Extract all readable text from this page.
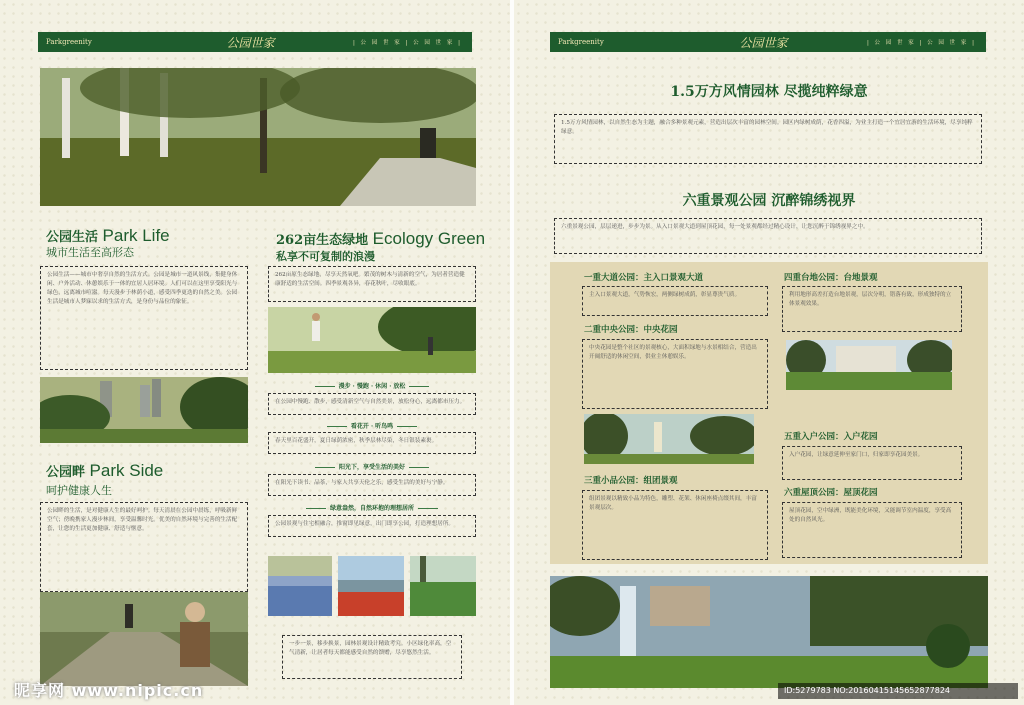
Parkgreenity	公园世家	| 公 园 世 家 | 公 园 世 家 |
公园生活 Park Life
城市生活至高形态
公园生活——城市中奢享自然的生活方式。公园是城市一道风景线，集健身休闲、户外活动、休憩娱乐于一体的宜居人居环境。人们可以在这里享受阳光与绿色，远离城市喧嚣。每天漫步于林荫小道，感受四季更迭的自然之美。公园生活是城市人梦寐以求的生活方式，是身份与品位的象征。
公园畔 Park Side
呵护健康人生
公园畔的生活，是对健康人生的最好呵护。每天清晨在公园中晨练，呼吸新鲜空气；傍晚携家人漫步林间，享受温馨时光。优美的自然环境与完善的生活配套，让您的生活更加健康、舒适与惬意。
262亩生态绿地 Ecology Green
私享不可复制的浪漫
262亩原生态绿地，尽享天然氧吧。繁茂的树木与清新的空气，为居者营造健康舒适的生活空间。四季景观各异，春花秋叶，尽收眼底。
漫步 · 慢跑 · 休闲 · 放松
在公园中慢跑、散步，感受清新空气与自然美景，放松身心，远离都市压力。
看花开 · 听鸟鸣
春天里百花盛开，夏日绿荫浓密，秋季层林尽染，冬日银装素裹。
阳光下，享受生活的美好
在阳光下读书、品茶，与家人共享天伦之乐，感受生活的美好与宁静。
绿意盎然，自然环抱的理想居所
公园景观与住宅相融合，推窗即见绿意，出门即享公园，打造理想居所。
一步一景，移步换景，园林景观设计精致考究。小区绿化率高，空气清新，让居者每天都能感受自然的馈赠，尽享悠然生活。
Parkgreenity	公园世家	| 公 园 世 家 | 公 园 世 家 |
1.5万方风情园林 尽揽纯粹绿意
1.5万方风情园林，以自然生态为主题，融合多种景观元素，营造出层次丰富的园林空间。园区内绿树成荫，花香四溢，为业主打造一个宜居宜游的生活环境，尽享纯粹绿意。
六重景观公园 沉醉锦绣视界
六重景观公园，层层递进，步步为景。从入口景观大道到屋顶花园，每一处景观都经过精心设计，让您沉醉于锦绣视界之中。
一重大道公园：主入口景观大道
主入口景观大道，气势恢宏，两侧绿树成荫，彰显尊贵气质。
二重中央公园：中央花园
中央花园是整个社区的景观核心，大面积绿地与水景相结合，营造出开阔舒适的休闲空间，供业主休憩娱乐。
三重小品公园：组团景观
组团景观以精致小品为特色，雕塑、花架、休闲座椅点缀其间，丰富景观层次。
四重台地公园：台地景观
利用地形高差打造台地景观，层次分明，错落有致，形成独特的立体景观效果。
五重入户公园：入户花园
入户花园，让绿意延伸至家门口，归家即享花园美景。
六重屋顶公园：屋顶花园
屋顶花园，空中绿洲，既能美化环境，又能调节室内温度，享受高处的自然风光。
昵享网 www.nipic.cn	ID:5279783 NO:20160415145652877824
